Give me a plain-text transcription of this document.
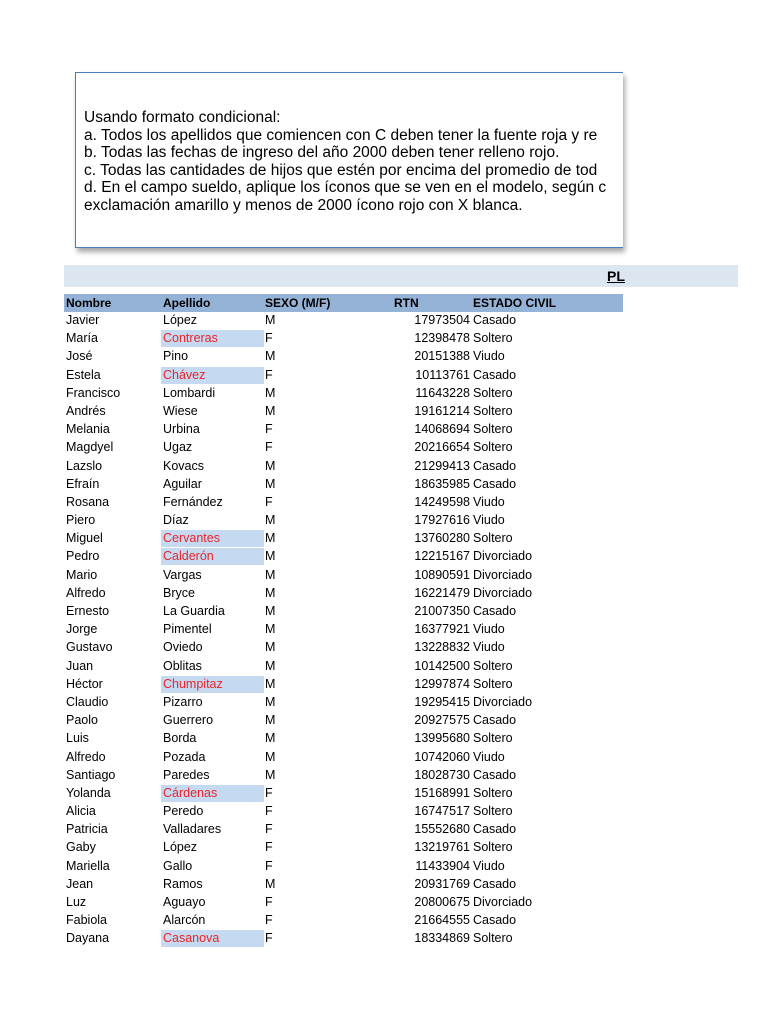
Usando formato condicional:
a. Todos los apellidos que comiencen con C deben tener la fuente roja y re
b. Todas las fechas de ingreso del año 2000 deben tener relleno rojo.
c. Todas las cantidades de hijos que estén por encima del promedio de tod
d. En el campo sueldo, aplique los íconos que se ven en el modelo, según c
exclamación amarillo y menos de 2000 ícono rojo con X blanca.
PL
Nombre	Apellido	SEXO (M/F)	RTN	ESTADO CIVIL
Javier	López	M	17973504 Casado
María	Contreras	F	12398478 Soltero
José	Pino	M	20151388 Viudo
Estela	Chávez	F	10113761 Casado
Francisco	Lombardi	M	11643228 Soltero
Andrés	Wiese	M	19161214 Soltero
Melania	Urbina	F	14068694 Soltero
Magdyel	Ugaz	F	20216654 Soltero
Lazslo	Kovacs	M	21299413 Casado
Efraín	Aguilar	M	18635985 Casado
Rosana	Fernández	F	14249598 Viudo
Piero	Díaz	M	17927616 Viudo
Miguel	Cervantes	M	13760280 Soltero
Pedro	Calderón	M	12215167 Divorciado
Mario	Vargas	M	10890591 Divorciado
Alfredo	Bryce	M	16221479 Divorciado
Ernesto	La Guardia	M	21007350 Casado
Jorge	Pimentel	M	16377921 Viudo
Gustavo	Oviedo	M	13228832 Viudo
Juan	Oblitas	M	10142500 Soltero
Héctor	Chumpitaz	M	12997874 Soltero
Claudio	Pizarro	M	19295415 Divorciado
Paolo	Guerrero	M	20927575 Casado
Luis	Borda	M	13995680 Soltero
Alfredo	Pozada	M	10742060 Viudo
Santiago	Paredes	M	18028730 Casado
Yolanda	Cárdenas	F	15168991 Soltero
Alicia	Peredo	F	16747517 Soltero
Patricia	Valladares	F	15552680 Casado
Gaby	López	F	13219761 Soltero
Mariella	Gallo	F	11433904 Viudo
Jean	Ramos	M	20931769 Casado
Luz	Aguayo	F	20800675 Divorciado
Fabiola	Alarcón	F	21664555 Casado
Dayana	Casanova	F	18334869 Soltero
